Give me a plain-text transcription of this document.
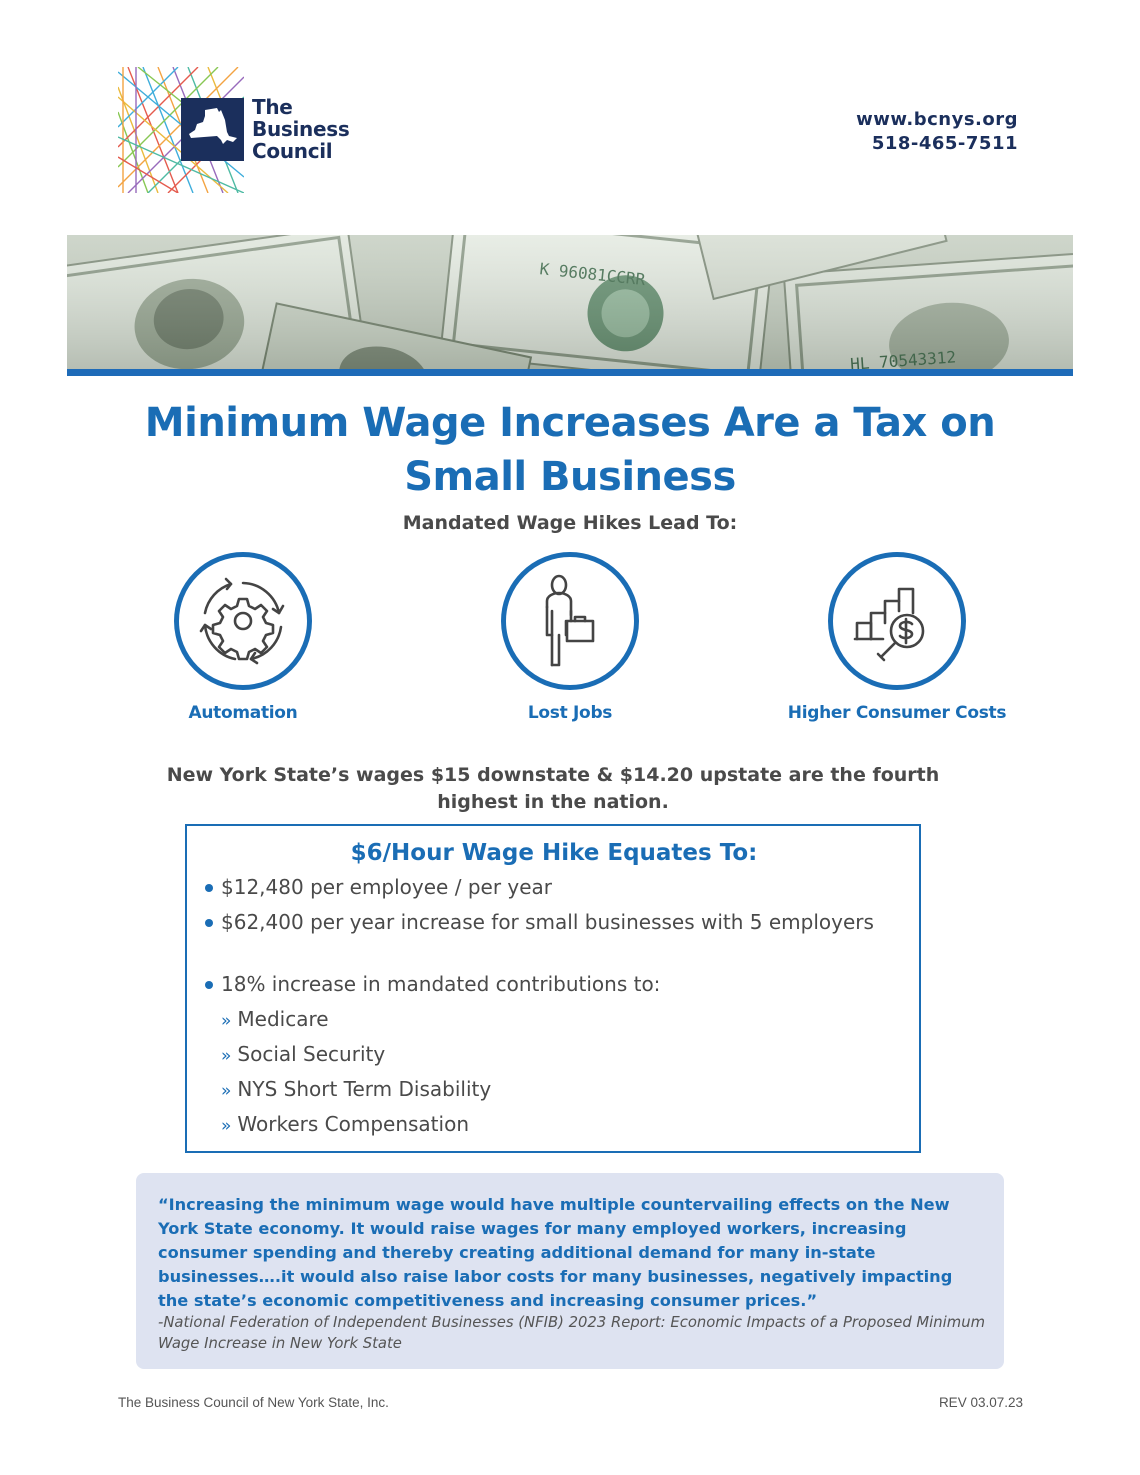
The
Business
Council
www.bcnys.org
518-465-7511
Minimum Wage Increases Are a Tax on Small Business
Mandated Wage Hikes Lead To:
Automation	Lost Jobs	Higher Consumer Costs

New York State’s wages $15 downstate & $14.20 upstate are the fourth highest in the nation.

$6/Hour Wage Hike Equates To:
$12,480 per employee / per year
$62,400 per year increase for small businesses with 5 employers
18% increase in mandated contributions to:
» Medicare
» Social Security
» NYS Short Term Disability
» Workers Compensation

“Increasing the minimum wage would have multiple countervailing effects on the New York State economy. It would raise wages for many employed workers, increasing consumer spending and thereby creating additional demand for many in-state businesses….it would also raise labor costs for many businesses, negatively impacting the state’s economic competitiveness and increasing consumer prices.”

-National Federation of Independent Businesses (NFIB) 2023 Report: Economic Impacts of a Proposed Minimum Wage Increase in New York State

The Business Council of New York State, Inc.	REV 03.07.23
